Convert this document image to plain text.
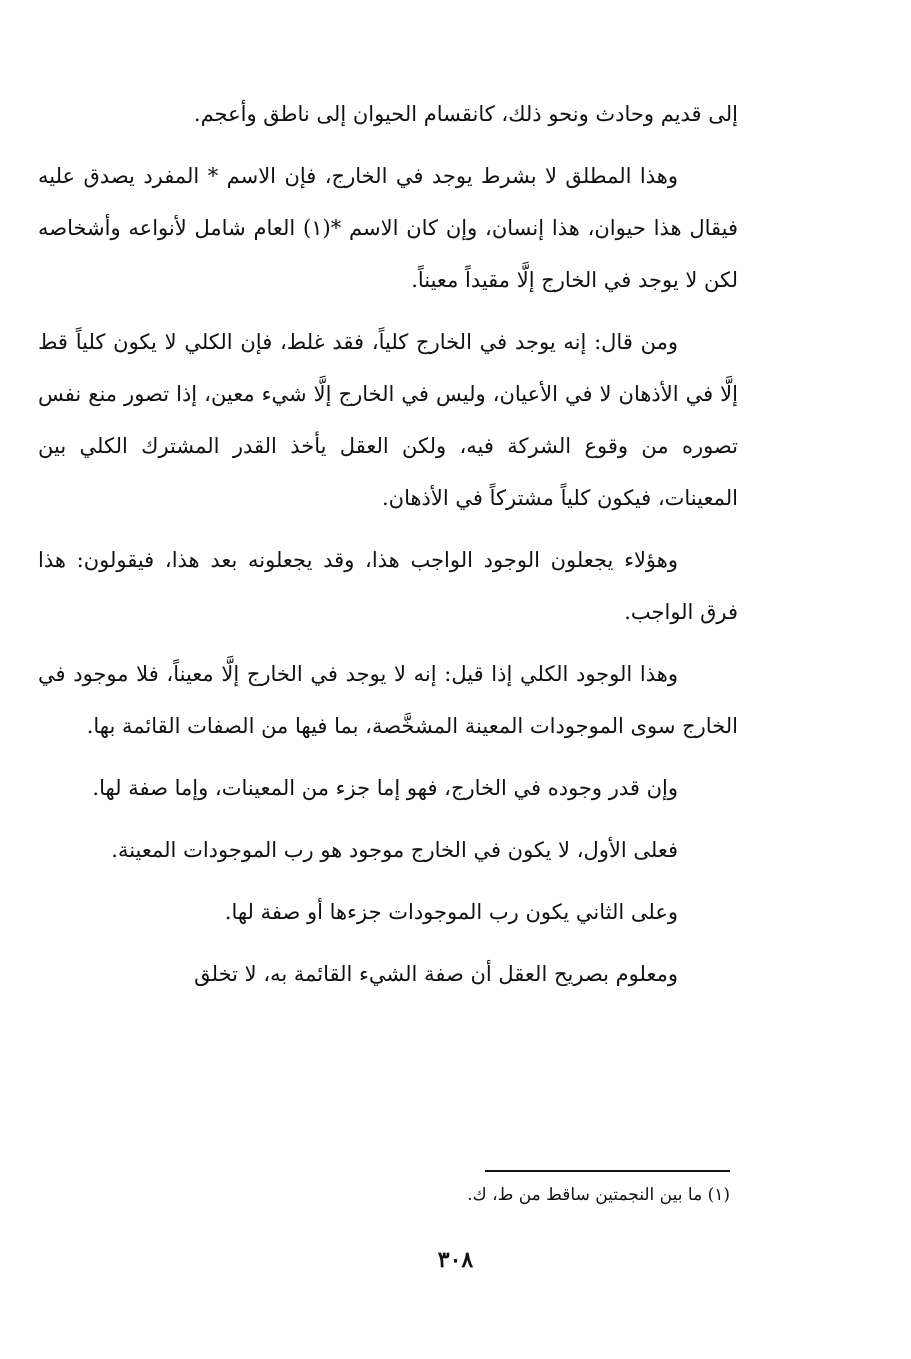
إلى قديم وحادث ونحو ذلك، كانقسام الحيوان إلى ناطق وأعجم.

وهذا المطلق لا بشرط يوجد في الخارج، فإن الاسم * المفرد يصدق عليه فيقال هذا حيوان، هذا إنسان، وإن كان الاسم *(١) العام شامل لأنواعه وأشخاصه لكن لا يوجد في الخارج إلَّا مقيداً معيناً.

ومن قال: إنه يوجد في الخارج كلياً، فقد غلط، فإن الكلي لا يكون كلياً قط إلَّا في الأذهان لا في الأعيان، وليس في الخارج إلَّا شيء معين، إذا تصور منع نفس تصوره من وقوع الشركة فيه، ولكن العقل يأخذ القدر المشترك الكلي بين المعينات، فيكون كلياً مشتركاً في الأذهان.

وهؤلاء يجعلون الوجود الواجب هذا، وقد يجعلونه بعد هذا، فيقولون: هذا فرق الواجب.

وهذا الوجود الكلي إذا قيل: إنه لا يوجد في الخارج إلَّا معيناً، فلا موجود في الخارج سوى الموجودات المعينة المشخَّصة، بما فيها من الصفات القائمة بها.

وإن قدر وجوده في الخارج، فهو إما جزء من المعينات، وإما صفة لها.

فعلى الأول، لا يكون في الخارج موجود هو رب الموجودات المعينة.

وعلى الثاني يكون رب الموجودات جزءها أو صفة لها.

ومعلوم بصريح العقل أن صفة الشيء القائمة به، لا تخلق

(١) ما بين النجمتين ساقط من ط، ك.

٣٠٨
